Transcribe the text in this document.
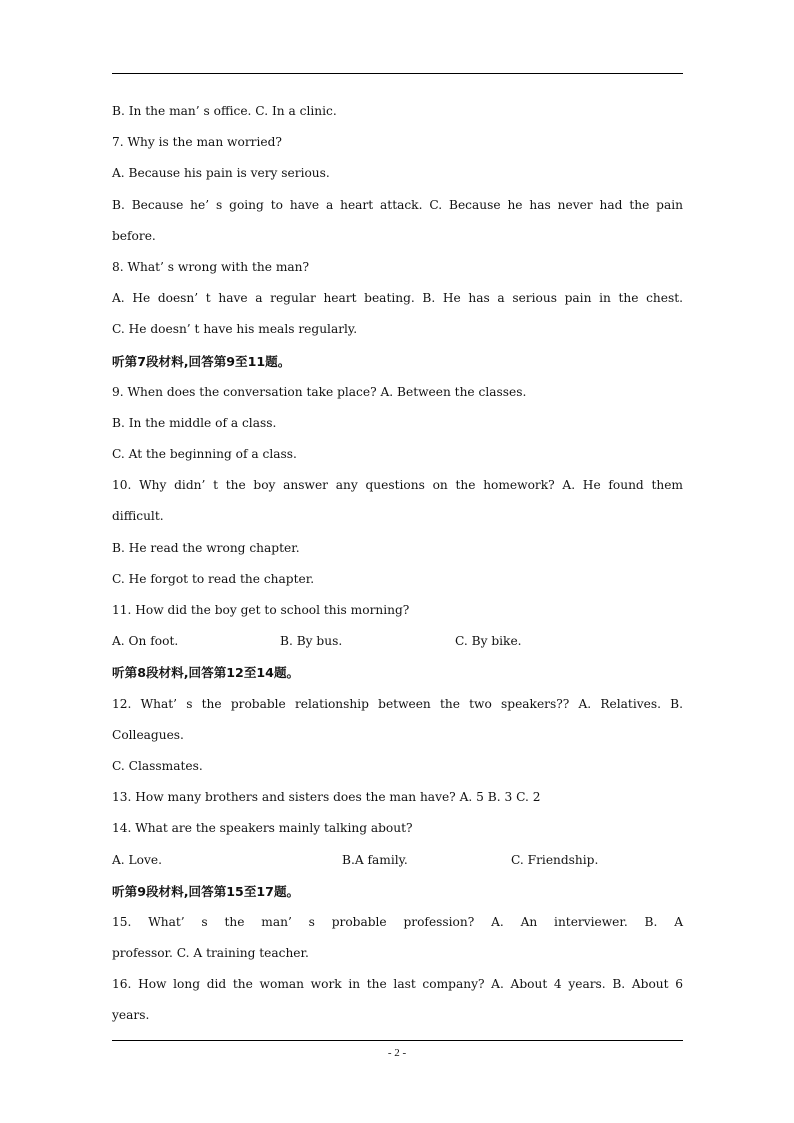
B. In the man’ s office. C. In a clinic.
7. Why is the man worried?
A. Because his pain is very serious.
B. Because he’ s going to have a heart attack. C. Because he has never had the pain
before.
8. What’ s wrong with the man?
A. He doesn’ t have a regular heart beating. B. He has a serious pain in the chest.
C. He doesn’ t have his meals regularly.
听第7段材料,回答第9至11题。
9. When does the conversation take place? A. Between the classes.
B. In the middle of a class.
C. At the beginning of a class.
10. Why didn’ t the boy answer any questions on the homework? A. He found them
difficult.
B. He read the wrong chapter.
C. He forgot to read the chapter.
11. How did the boy get to school this morning?
A. On foot.	B. By bus.	C. By bike.
听第8段材料,回答第12至14题。
12. What’ s the probable relationship between the two speakers?? A. Relatives. B.
Colleagues.
C. Classmates.
13. How many brothers and sisters does the man have? A. 5 B. 3 C. 2
14. What are the speakers mainly talking about?
A. Love.	B.A family.	C. Friendship.
听第9段材料,回答第15至17题。
15. What’ s the man’ s probable profession? A. An interviewer. B. A
professor. C. A training teacher.
16. How long did the woman work in the last company? A. About 4 years. B. About 6
years.
- 2 -
